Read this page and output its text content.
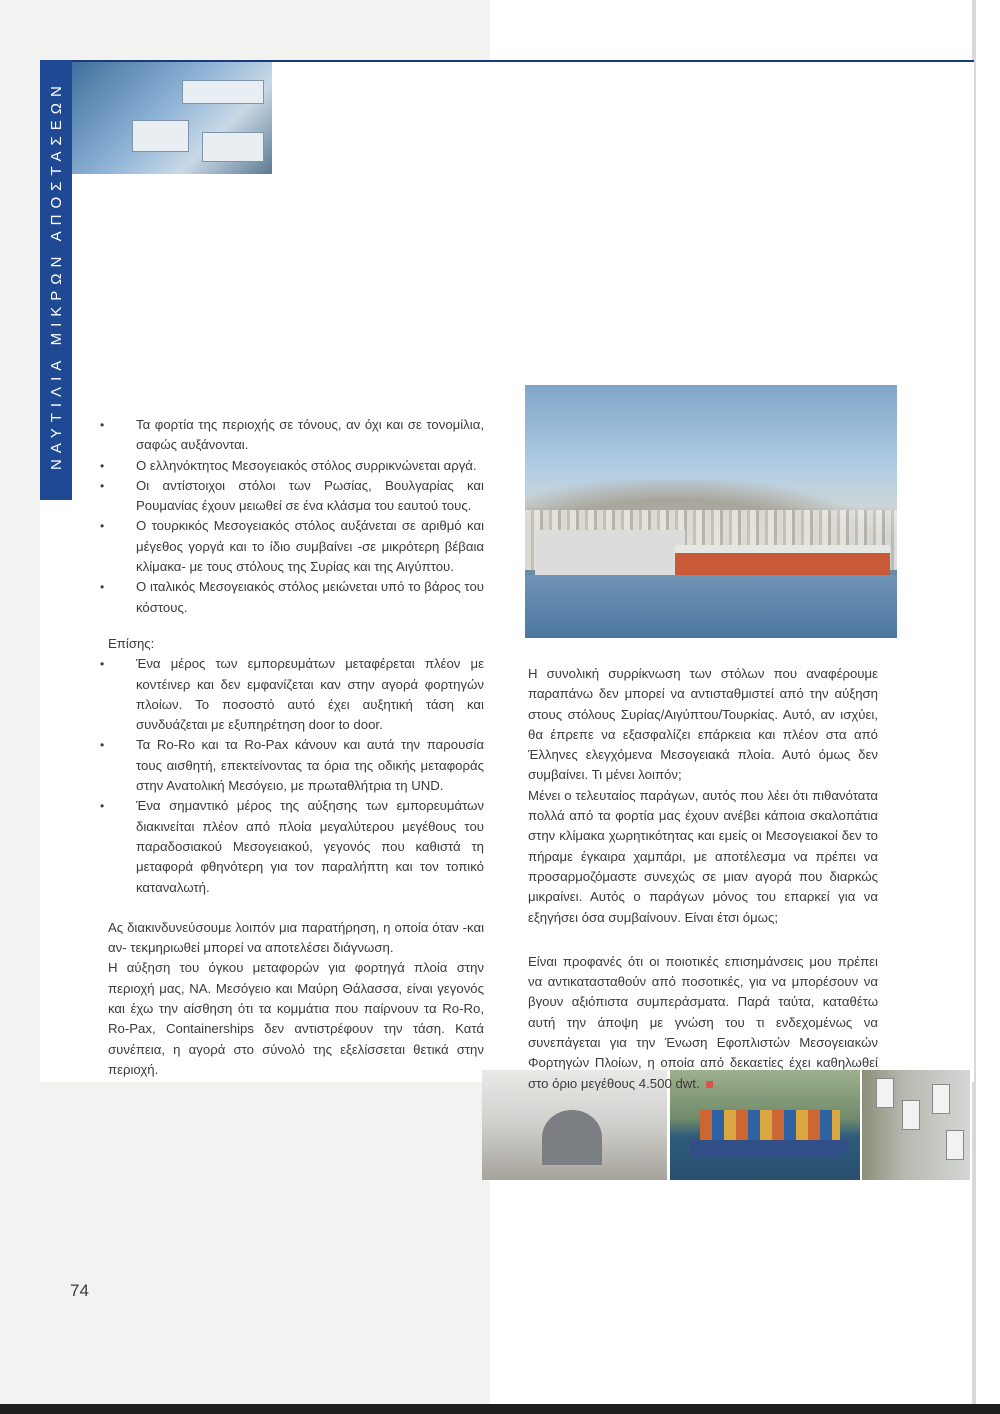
ΝΑΥΤΙΛΙΑ ΜΙΚΡΩΝ ΑΠΟΣΤΑΣΕΩΝ
•	Τα φορτία της περιοχής σε τόνους, αν όχι και σε τονομίλια, σαφώς αυξάνονται.
• Ο ελληνόκτητος Μεσογειακός στόλος συρρικνώνεται αργά.
• Οι αντίστοιχοι στόλοι των Ρωσίας, Βουλγαρίας και Ρουμανίας έχουν μειωθεί σε ένα κλάσμα του εαυτού τους.
• Ο τουρκικός Μεσογειακός στόλος αυξάνεται σε αριθμό και μέγεθος γοργά και το ίδιο συμβαίνει -σε μικρότερη βέβαια κλίμακα- με τους στόλους της Συρίας και της Αιγύπτου.
• Ο ιταλικός Μεσογειακός στόλος μειώνεται υπό το βάρος του κόστους.
Επίσης:
• Ένα μέρος των εμπορευμάτων μεταφέρεται πλέον με κοντέινερ και δεν εμφανίζεται καν στην αγορά φορτηγών πλοίων. Το ποσοστό αυτό έχει αυξητική τάση και συνδυάζεται με εξυπηρέτηση door to door.
• Τα Ro-Ro και τα Ro-Pax κάνουν και αυτά την παρουσία τους αισθητή, επεκτείνοντας τα όρια της οδικής μεταφοράς στην Ανατολική Μεσόγειο, με πρωταθλήτρια τη UND.
• Ένα σημαντικό μέρος της αύξησης των εμπορευμάτων διακινείται πλέον από πλοία μεγαλύτερου μεγέθους του παραδοσιακού Μεσογειακού, γεγονός που καθιστά τη μεταφορά φθηνότερη για τον παραλήπτη και τον τοπικό καταναλωτή.
Ας διακινδυνεύσουμε λοιπόν μια παρατήρηση, η οποία όταν -και αν- τεκμηριωθεί μπορεί να αποτελέσει διάγνωση.
Η αύξηση του όγκου μεταφορών για φορτηγά πλοία στην περιοχή μας, ΝΑ. Μεσόγειο και Μαύρη Θάλασσα, είναι γεγονός και έχω την αίσθηση ότι τα κομμάτια που παίρνουν τα Ro-Ro, Ro-Pax, Containerships δεν αντιστρέφουν την τάση. Κατά συνέπεια, η αγορά στο σύνολό της εξελίσσεται θετικά στην περιοχή.
Η συνολική συρρίκνωση των στόλων που αναφέρουμε παραπάνω δεν μπορεί να αντισταθμιστεί από την αύξηση στους στόλους Συρίας/Αιγύπτου/Τουρκίας. Αυτό, αν ισχύει, θα έπρεπε να εξασφαλίζει επάρκεια και πλέον στα από Έλληνες ελεγχόμενα Μεσογειακά πλοία. Αυτό όμως δεν συμβαίνει. Τι μένει λοιπόν;
Μένει ο τελευταίος παράγων, αυτός που λέει ότι πιθανότατα πολλά από τα φορτία μας έχουν ανέβει κάποια σκαλοπάτια στην κλίμακα χωρητικότητας και εμείς οι Μεσογειακοί δεν το πήραμε έγκαιρα χαμπάρι, με αποτέλεσμα να πρέπει να προσαρμοζόμαστε συνεχώς σε μιαν αγορά που διαρκώς μικραίνει. Αυτός ο παράγων μόνος του επαρκεί για να εξηγήσει όσα συμβαίνουν. Είναι έτσι όμως;
Είναι προφανές ότι οι ποιοτικές επισημάνσεις μου πρέπει να αντικατασταθούν από ποσοτικές, για να μπορέσουν να βγουν αξιόπιστα συμπεράσματα. Παρά ταύτα, καταθέτω αυτή την άποψη με γνώση του τι ενδεχομένως να συνεπάγεται για την Ένωση Εφοπλιστών Μεσογειακών Φορτηγών Πλοίων, η οποία από δεκαετίες έχει καθηλωθεί στο όριο μεγέθους 4.500 dwt.
74
